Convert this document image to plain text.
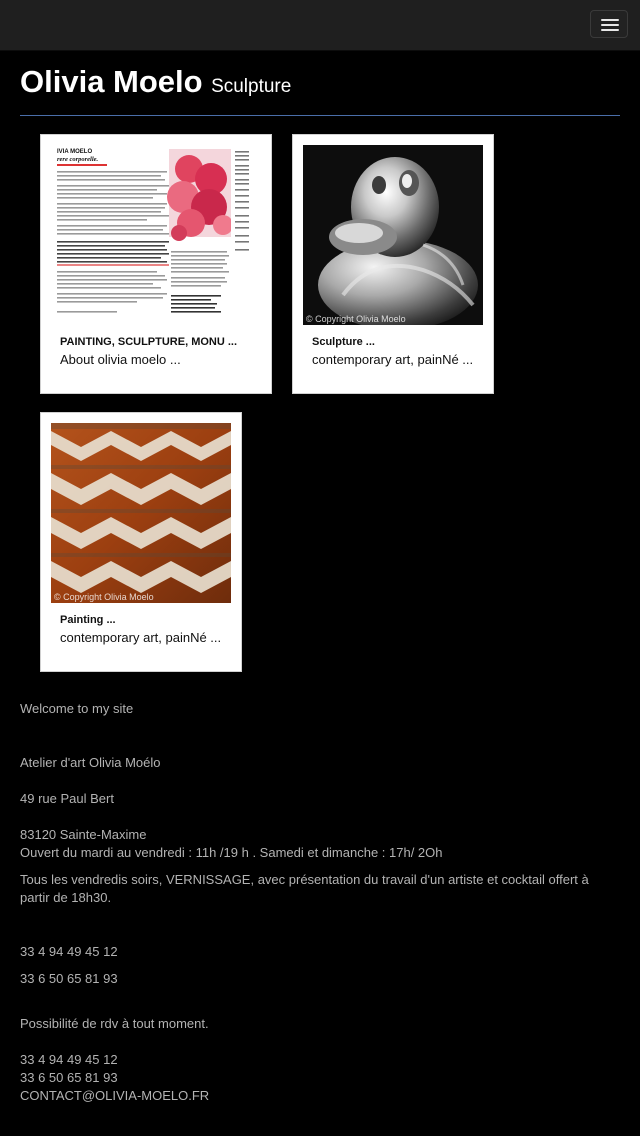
Olivia Moelo Sculpture
IVIA MOELO
rere corporelle.
PAINTING, SCULPTURE, MONU ...
About olivia moelo ...
© Copyright Olivia Moelo
Sculpture ...
contemporary art, painNé ...
© Copyright Olivia Moelo
Painting ...
contemporary art, painNé ...
Welcome to my site
Atelier d'art Olivia Moélo
49 rue Paul Bert
83120 Sainte-Maxime
Ouvert du mardi au vendredi : 11h /19 h . Samedi et dimanche : 17h/ 2Oh
Tous les vendredis soirs, VERNISSAGE, avec présentation du travail d'un artiste et cocktail offert à partir de 18h30.
33 4 94 49 45 12
33 6 50 65 81 93
Possibilité de rdv à tout moment.
33 4 94 49 45 12
33 6 50 65 81 93
CONTACT@OLIVIA-MOELO.FR
